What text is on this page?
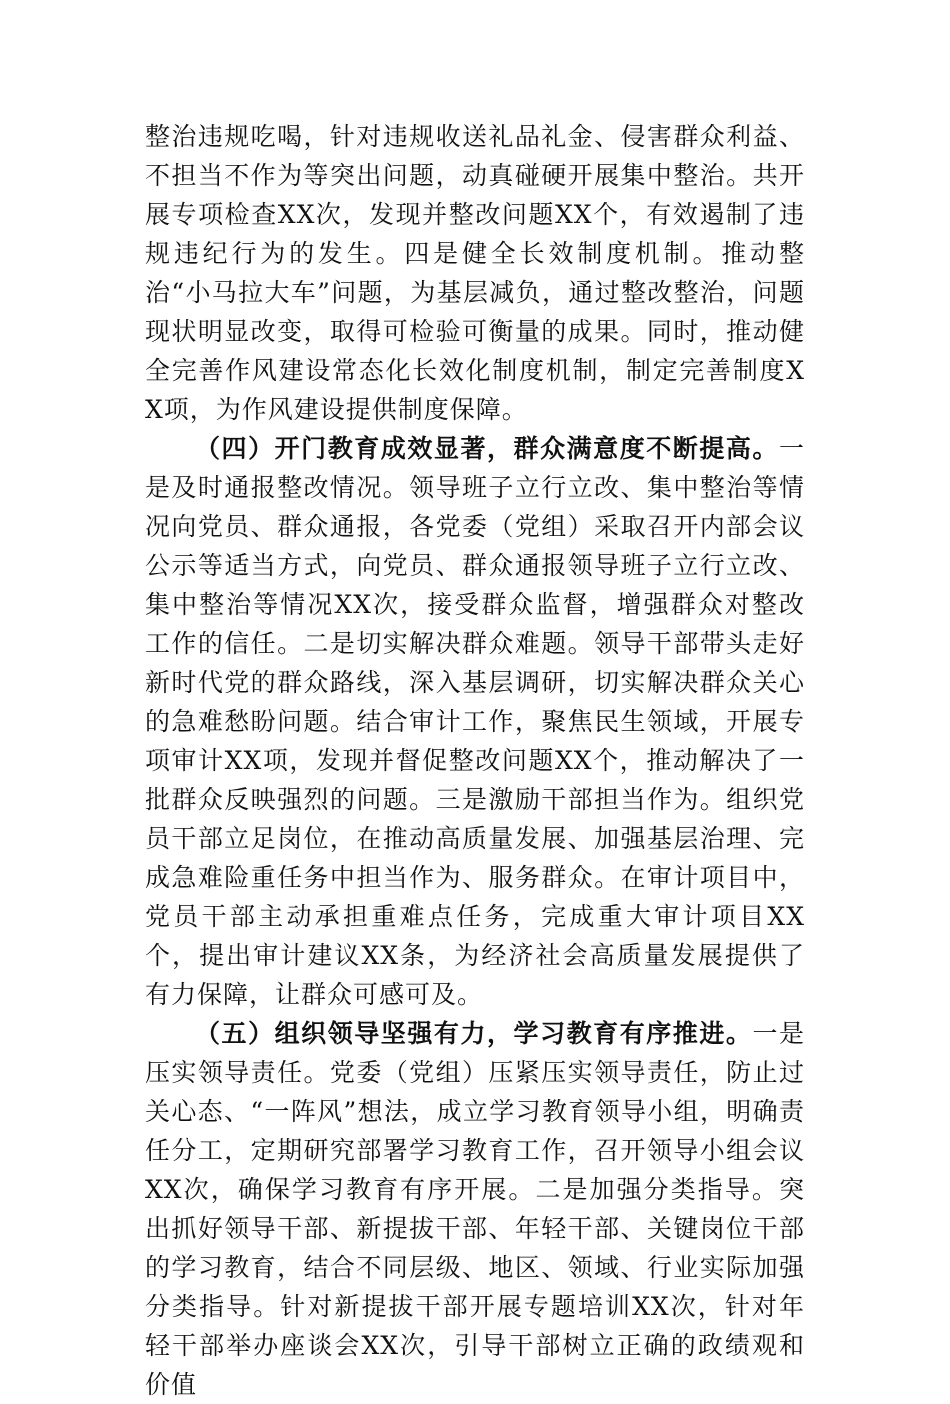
整治违规吃喝，针对违规收送礼品礼金、侵害群众利益、不担当不作为等突出问题，动真碰硬开展集中整治。共开展专项检查XX次，发现并整改问题XX个，有效遏制了违规违纪行为的发生。四是健全长效制度机制。推动整治“小马拉大车”问题，为基层减负，通过整改整治，问题现状明显改变，取得可检验可衡量的成果。同时，推动健全完善作风建设常态化长效化制度机制，制定完善制度XX项，为作风建设提供制度保障。

（四）开门教育成效显著，群众满意度不断提高。一是及时通报整改情况。领导班子立行立改、集中整治等情况向党员、群众通报，各党委（党组）采取召开内部会议公示等适当方式，向党员、群众通报领导班子立行立改、集中整治等情况XX次，接受群众监督，增强群众对整改工作的信任。二是切实解决群众难题。领导干部带头走好新时代党的群众路线，深入基层调研，切实解决群众关心的急难愁盼问题。结合审计工作，聚焦民生领域，开展专项审计XX项，发现并督促整改问题XX个，推动解决了一批群众反映强烈的问题。三是激励干部担当作为。组织党员干部立足岗位，在推动高质量发展、加强基层治理、完成急难险重任务中担当作为、服务群众。在审计项目中，党员干部主动承担重难点任务，完成重大审计项目XX个，提出审计建议XX条，为经济社会高质量发展提供了有力保障，让群众可感可及。

（五）组织领导坚强有力，学习教育有序推进。一是压实领导责任。党委（党组）压紧压实领导责任，防止过关心态、“一阵风”想法，成立学习教育领导小组，明确责任分工，定期研究部署学习教育工作，召开领导小组会议XX次，确保学习教育有序开展。二是加强分类指导。突出抓好领导干部、新提拔干部、年轻干部、关键岗位干部的学习教育，结合不同层级、地区、领域、行业实际加强分类指导。针对新提拔干部开展专题培训XX次，针对年轻干部举办座谈会XX次，引导干部树立正确的政绩观和价值
